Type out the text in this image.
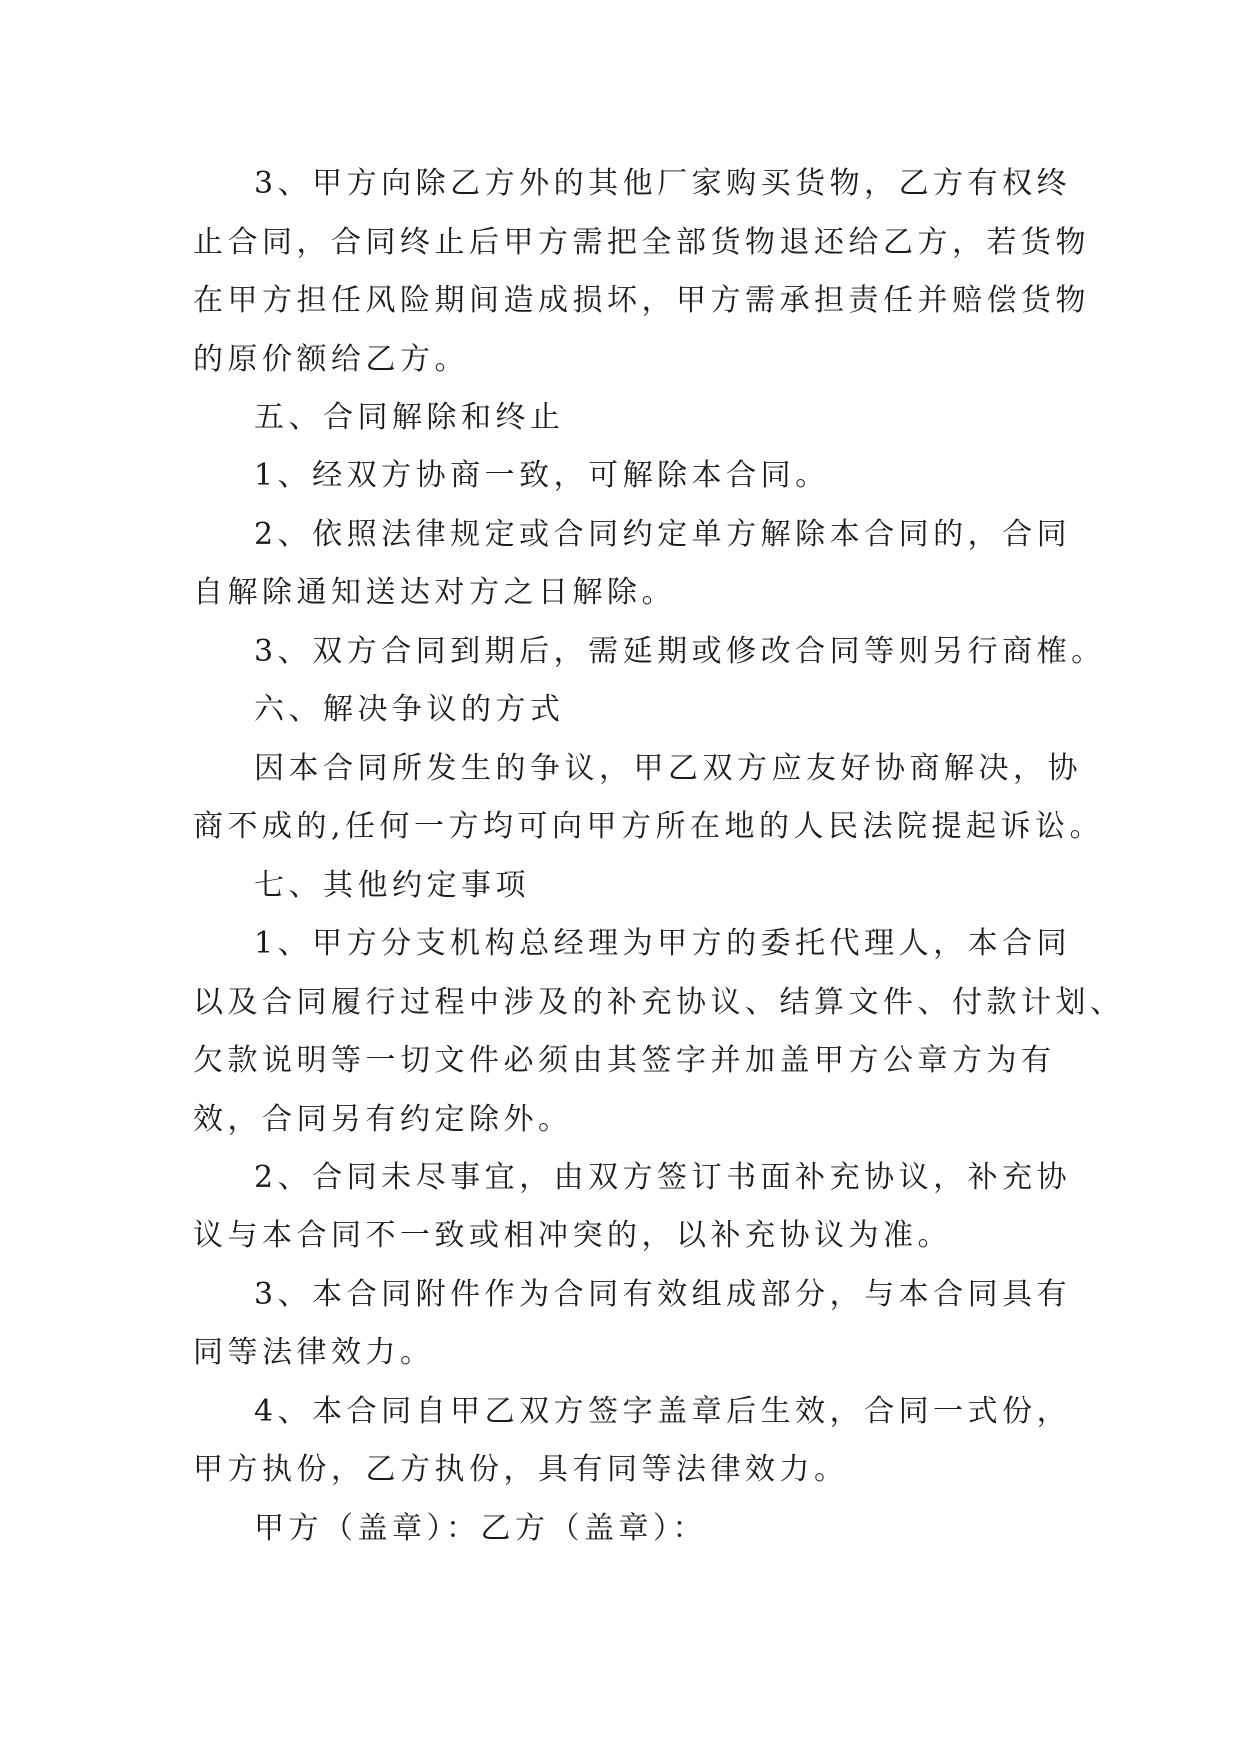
3、甲方向除乙方外的其他厂家购买货物，乙方有权终
止合同，合同终止后甲方需把全部货物退还给乙方，若货物
在甲方担任风险期间造成损坏，甲方需承担责任并赔偿货物
的原价额给乙方。
五、合同解除和终止
1、经双方协商一致，可解除本合同。
2、依照法律规定或合同约定单方解除本合同的，合同
自解除通知送达对方之日解除。
3、双方合同到期后，需延期或修改合同等则另行商榷。
六、解决争议的方式
因本合同所发生的争议，甲乙双方应友好协商解决，协
商不成的,任何一方均可向甲方所在地的人民法院提起诉讼。
七、其他约定事项
1、甲方分支机构总经理为甲方的委托代理人，本合同
以及合同履行过程中涉及的补充协议、结算文件、付款计划、
欠款说明等一切文件必须由其签字并加盖甲方公章方为有
效，合同另有约定除外。
2、合同未尽事宜，由双方签订书面补充协议，补充协
议与本合同不一致或相冲突的，以补充协议为准。
3、本合同附件作为合同有效组成部分，与本合同具有
同等法律效力。
4、本合同自甲乙双方签字盖章后生效，合同一式份，
甲方执份，乙方执份，具有同等法律效力。
甲方（盖章）：乙方（盖章）：
